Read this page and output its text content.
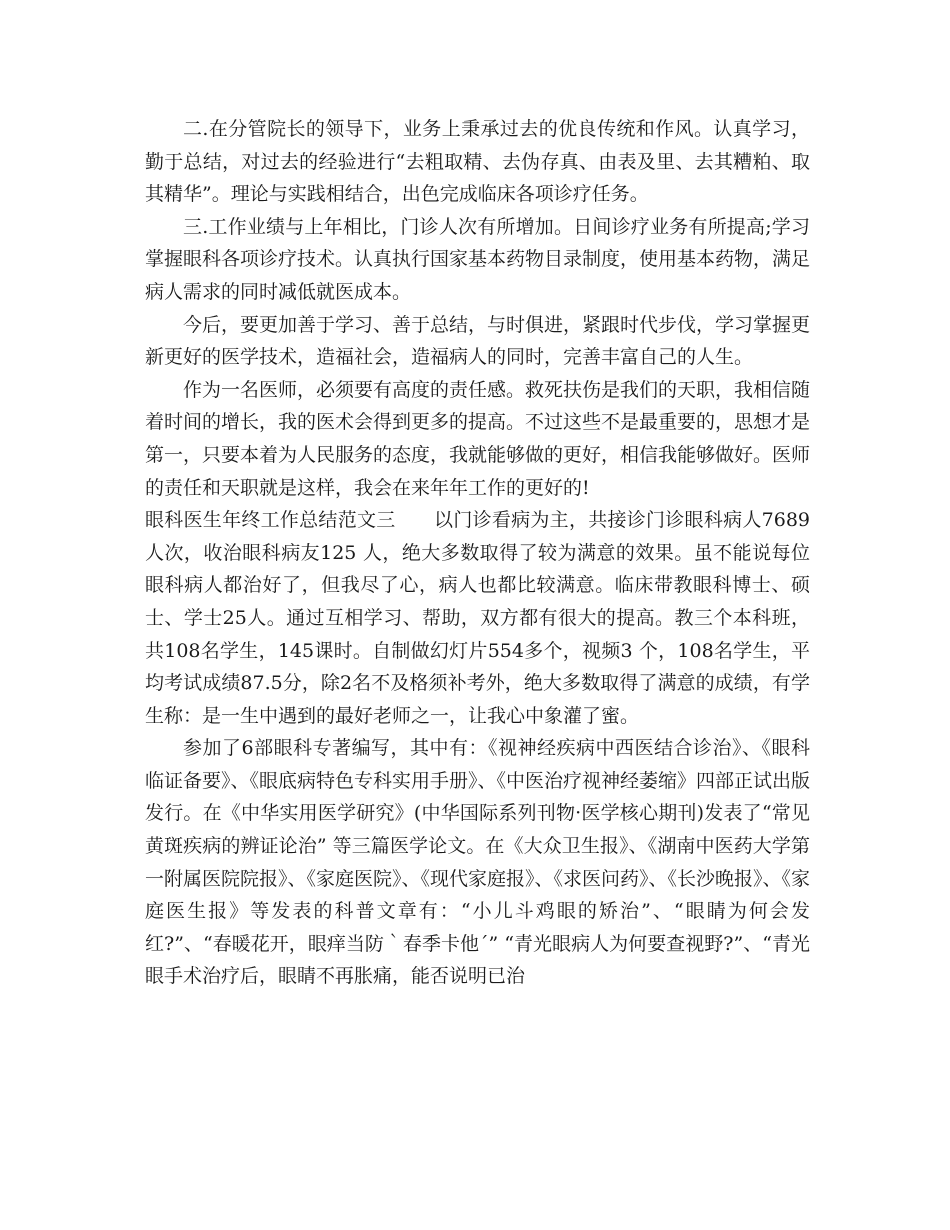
二.在分管院长的领导下，业务上秉承过去的优良传统和作风。认真学习，勤于总结，对过去的经验进行“去粗取精、去伪存真、由表及里、去其糟粕、取其精华”。理论与实践相结合，出色完成临床各项诊疗任务。

三.工作业绩与上年相比，门诊人次有所增加。日间诊疗业务有所提高;学习掌握眼科各项诊疗技术。认真执行国家基本药物目录制度，使用基本药物，满足病人需求的同时减低就医成本。

今后，要更加善于学习、善于总结，与时俱进，紧跟时代步伐，学习掌握更新更好的医学技术，造福社会，造福病人的同时，完善丰富自己的人生。

作为一名医师，必须要有高度的责任感。救死扶伤是我们的天职，我相信随着时间的增长，我的医术会得到更多的提高。不过这些不是最重要的，思想才是第一，只要本着为人民服务的态度，我就能够做的更好，相信我能够做好。医师的责任和天职就是这样，我会在来年年工作的更好的!

眼科医生年终工作总结范文三　　以门诊看病为主，共接诊门诊眼科病人7689人次，收治眼科病友125 人，绝大多数取得了较为满意的效果。虽不能说每位眼科病人都治好了，但我尽了心，病人也都比较满意。临床带教眼科博士、硕士、学士25人。通过互相学习、帮助，双方都有很大的提高。教三个本科班，共108名学生，145课时。自制做幻灯片554多个，视频3 个，108名学生，平均考试成绩87.5分，除2名不及格须补考外，绝大多数取得了满意的成绩，有学生称：是一生中遇到的最好老师之一，让我心中象灌了蜜。

参加了6部眼科专著编写，其中有：《视神经疾病中西医结合诊治》、《眼科临证备要》、《眼底病特色专科实用手册》、《中医治疗视神经萎缩》四部正试出版发行。在《中华实用医学研究》(中华国际系列刊物·医学核心期刊)发表了“常见黄斑疾病的辨证论治” 等三篇医学论文。在《大众卫生报》、《湖南中医药大学第一附属医院院报》、《家庭医院》、《现代家庭报》、《求医问药》、《长沙晚报》、《家庭医生报》等发表的科普文章有：“小儿斗鸡眼的矫治”、“眼睛为何会发红?”、“春暖花开，眼痒当防｀春季卡他´” “青光眼病人为何要查视野?”、“青光眼手术治疗后，眼睛不再胀痛，能否说明已治
